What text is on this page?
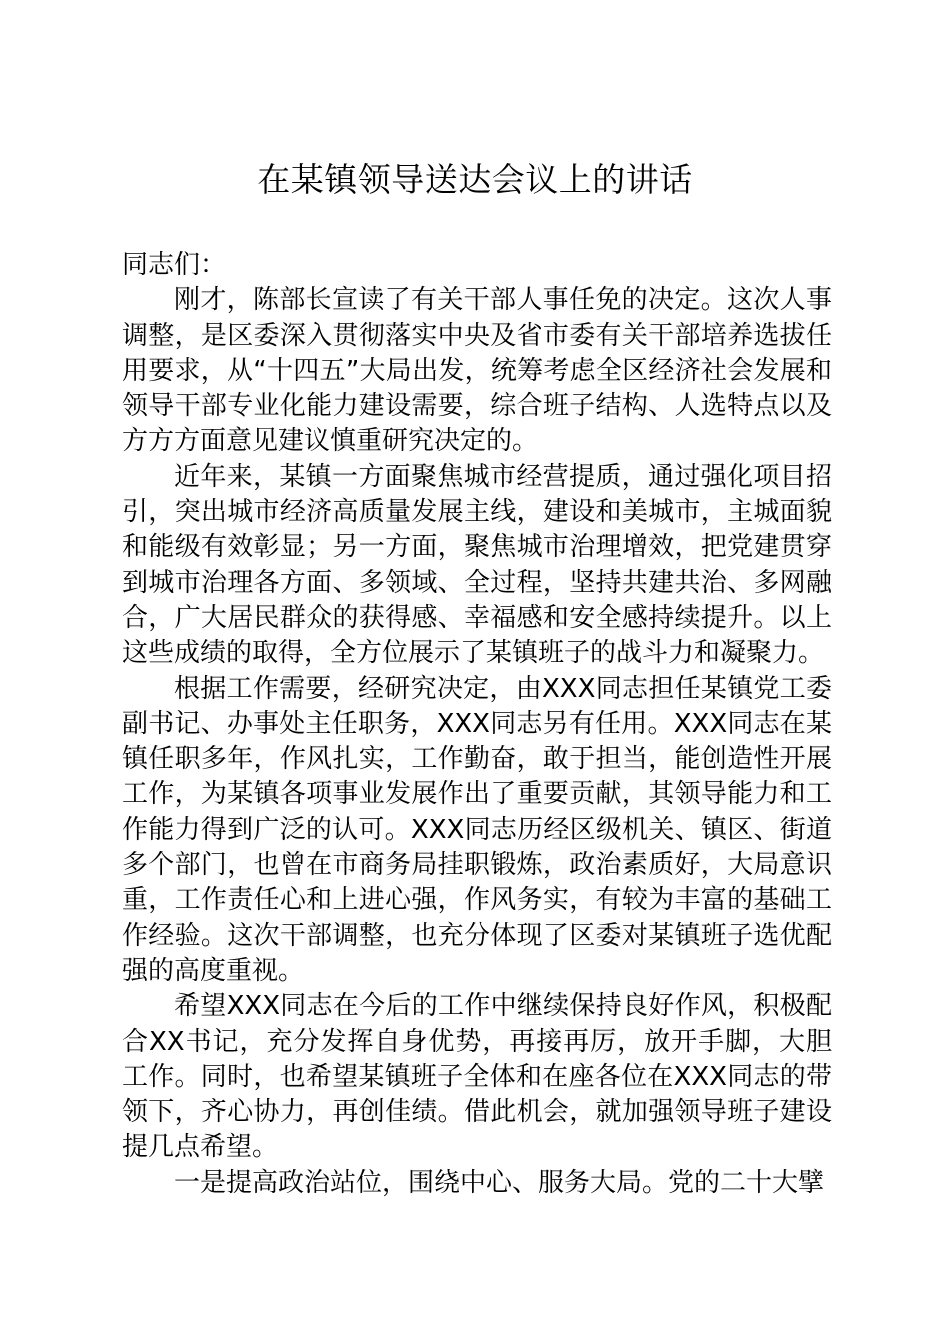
在某镇领导送达会议上的讲话

同志们：

刚才，陈部长宣读了有关干部人事任免的决定。这次人事调整，是区委深入贯彻落实中央及省市委有关干部培养选拔任用要求，从“十四五”大局出发，统筹考虑全区经济社会发展和领导干部专业化能力建设需要，综合班子结构、人选特点以及方方方面意见建议慎重研究决定的。

近年来，某镇一方面聚焦城市经营提质，通过强化项目招引，突出城市经济高质量发展主线，建设和美城市，主城面貌和能级有效彰显；另一方面，聚焦城市治理增效，把党建贯穿到城市治理各方面、多领域、全过程，坚持共建共治、多网融合，广大居民群众的获得感、幸福感和安全感持续提升。以上这些成绩的取得，全方位展示了某镇班子的战斗力和凝聚力。

根据工作需要，经研究决定，由XXX同志担任某镇党工委副书记、办事处主任职务，XXX同志另有任用。XXX同志在某镇任职多年，作风扎实，工作勤奋，敢于担当，能创造性开展工作，为某镇各项事业发展作出了重要贡献，其领导能力和工作能力得到广泛的认可。XXX同志历经区级机关、镇区、街道多个部门，也曾在市商务局挂职锻炼，政治素质好，大局意识重，工作责任心和上进心强，作风务实，有较为丰富的基础工作经验。这次干部调整，也充分体现了区委对某镇班子选优配强的高度重视。

希望XXX同志在今后的工作中继续保持良好作风，积极配合XX书记，充分发挥自身优势，再接再厉，放开手脚，大胆工作。同时，也希望某镇班子全体和在座各位在XXX同志的带领下，齐心协力，再创佳绩。借此机会，就加强领导班子建设提几点希望。

一是提高政治站位，围绕中心、服务大局。党的二十大擘
